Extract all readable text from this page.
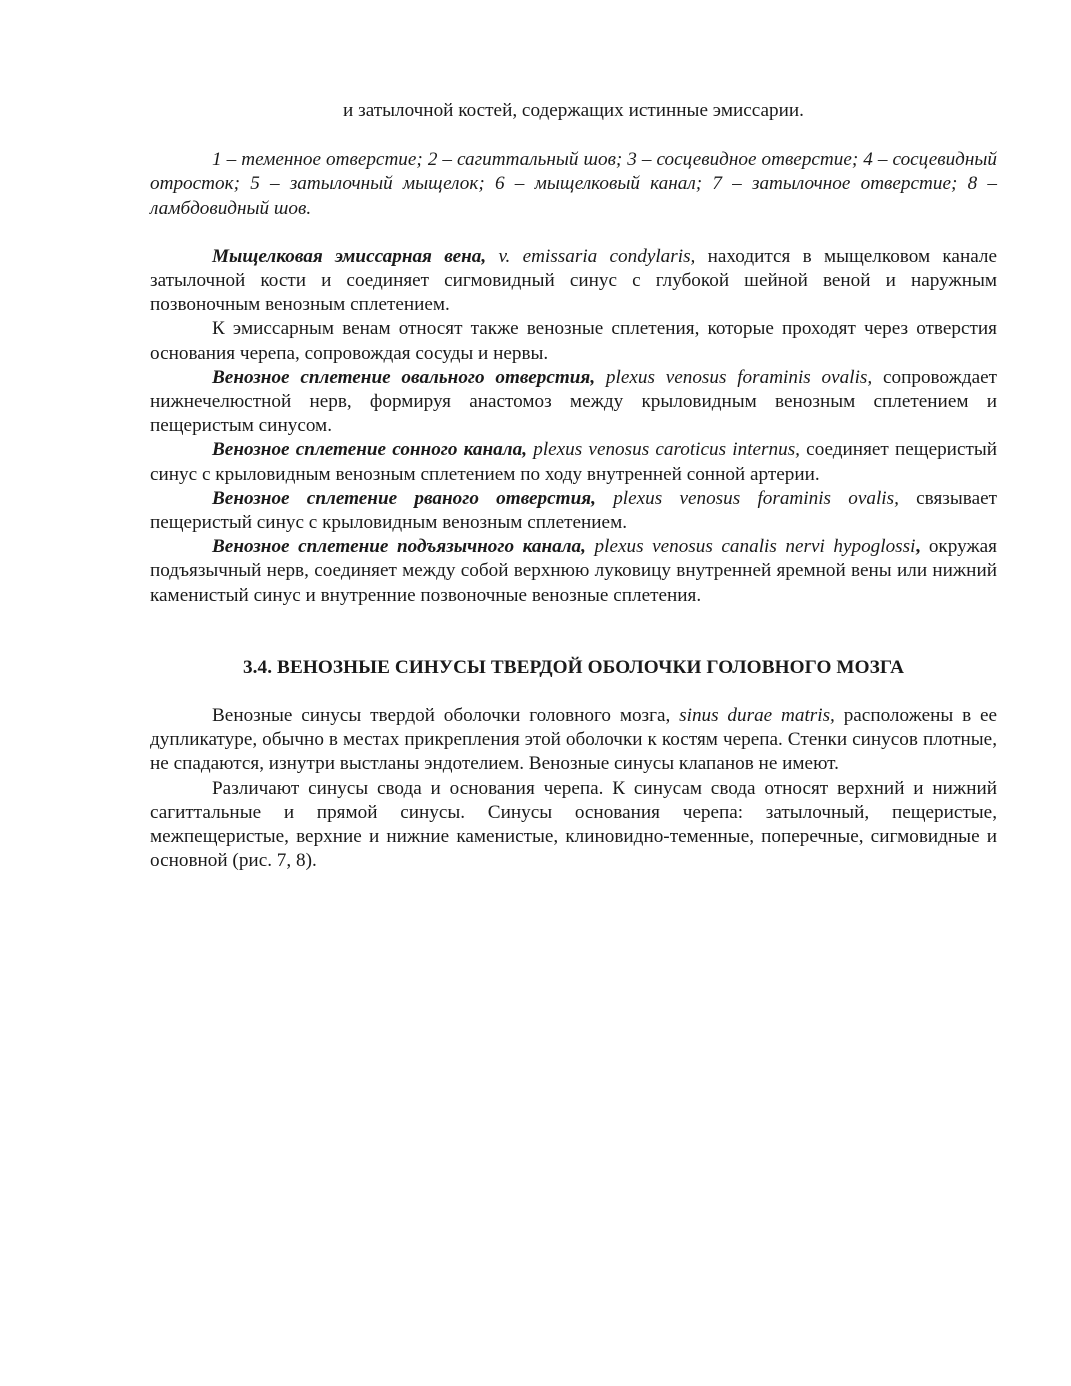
и затылочной костей, содержащих истинные эмиссарии.

1 – теменное отверстие; 2 – сагиттальный шов; 3 – сосцевидное отверстие; 4 – сосцевидный отросток; 5 – затылочный мыщелок; 6 – мыщелковый канал; 7 – затылочное отверстие; 8 – ламбдовидный шов.

Мыщелковая эмиссарная вена, v. emissaria condylaris, находится в мыщелковом канале затылочной кости и соединяет сигмовидный синус с глубокой шейной веной и наружным позвоночным венозным сплетением.

К эмиссарным венам относят также венозные сплетения, которые проходят через отверстия основания черепа, сопровождая сосуды и нервы.

Венозное сплетение овального отверстия, plexus venosus foraminis ovalis, сопровождает нижнечелюстной нерв, формируя анастомоз между крыловидным венозным сплетением и пещеристым синусом.

Венозное сплетение сонного канала, plexus venosus caroticus internus, соединяет пещеристый синус с крыловидным венозным сплетением по ходу внутренней сонной артерии.

Венозное сплетение рваного отверстия, plexus venosus foraminis ovalis, связывает пещеристый синус с крыловидным венозным сплетением.

Венозное сплетение подъязычного канала, plexus venosus canalis nervi hypoglossi, окружая подъязычный нерв, соединяет между собой верхнюю луковицу внутренней яремной вены или нижний каменистый синус и внутренние позвоночные венозные сплетения.

3.4. ВЕНОЗНЫЕ СИНУСЫ ТВЕРДОЙ ОБОЛОЧКИ ГОЛОВНОГО МОЗГА

Венозные синусы твердой оболочки головного мозга, sinus durae matris, расположены в ее дупликатуре, обычно в местах прикрепления этой оболочки к костям черепа. Стенки синусов плотные, не спадаются, изнутри выстланы эндотелием. Венозные синусы клапанов не имеют.

Различают синусы свода и основания черепа. К синусам свода относят верхний и нижний сагиттальные и прямой синусы. Синусы основания черепа: затылочный, пещеристые, межпещеристые, верхние и нижние каменистые, клиновидно-теменные, поперечные, сигмовидные и основной (рис. 7, 8).
